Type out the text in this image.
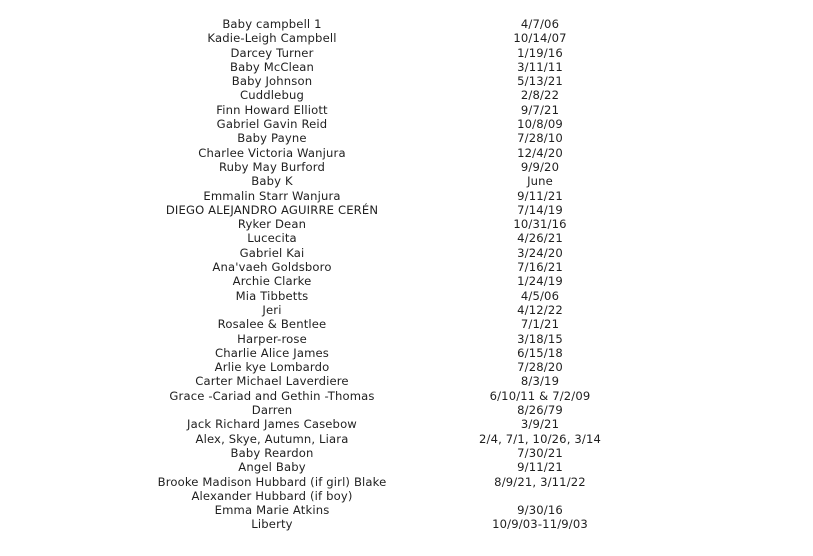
Baby campbell 1	4/7/06
Kadie-Leigh Campbell	10/14/07
Darcey Turner	1/19/16
Baby McClean	3/11/11
Baby Johnson	5/13/21
Cuddlebug	2/8/22
Finn Howard Elliott	9/7/21
Gabriel Gavin Reid	10/8/09
Baby Payne	7/28/10
Charlee Victoria Wanjura	12/4/20
Ruby May Burford	9/9/20
Baby K	June
Emmalin Starr Wanjura	9/11/21
DIEGO ALEJANDRO AGUIRRE CERÉN	7/14/19
Ryker Dean	10/31/16
Lucecita	4/26/21
Gabriel Kai	3/24/20
Ana'vaeh Goldsboro	7/16/21
Archie Clarke	1/24/19
Mia Tibbetts	4/5/06
Jeri	4/12/22
Rosalee & Bentlee	7/1/21
Harper-rose	3/18/15
Charlie Alice James	6/15/18
Arlie kye Lombardo	7/28/20
Carter Michael Laverdiere	8/3/19
Grace -Cariad and Gethin -Thomas	6/10/11 & 7/2/09
Darren	8/26/79
Jack Richard James Casebow	3/9/21
Alex, Skye, Autumn, Liara	2/4, 7/1, 10/26, 3/14
Baby Reardon	7/30/21
Angel Baby	9/11/21
Brooke Madison Hubbard (if girl) Blake	8/9/21, 3/11/22
Alexander Hubbard (if boy)
Emma Marie Atkins	9/30/16
Liberty	10/9/03-11/9/03
